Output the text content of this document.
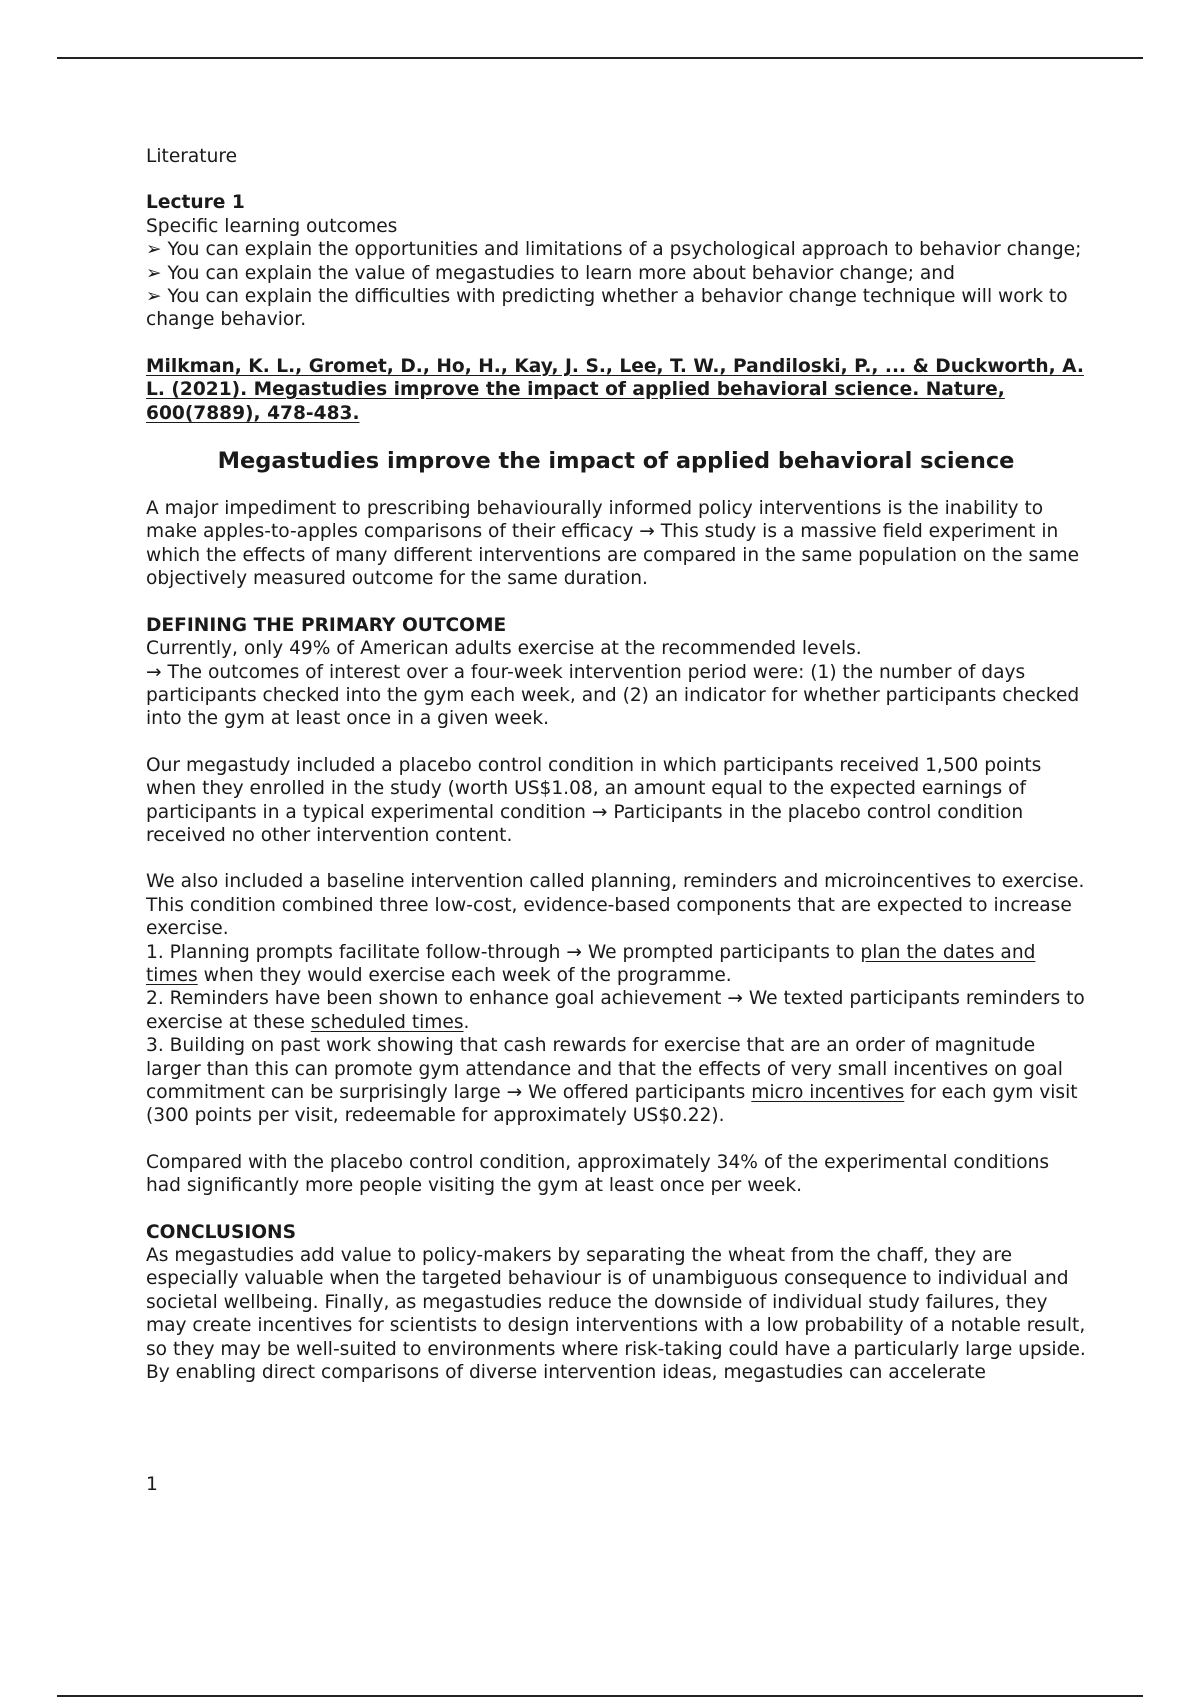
Literature

Lecture 1

Specific learning outcomes

➢ You can explain the opportunities and limitations of a psychological approach to behavior change;

➢ You can explain the value of megastudies to learn more about behavior change; and

➢ You can explain the difficulties with predicting whether a behavior change technique will work to change behavior.

Milkman, K. L., Gromet, D., Ho, H., Kay, J. S., Lee, T. W., Pandiloski, P., ... & Duckworth, A. L. (2021). Megastudies improve the impact of applied behavioral science. Nature, 600(7889), 478-483.

Megastudies improve the impact of applied behavioral science

A major impediment to prescribing behaviourally informed policy interventions is the inability to make apples-to-apples comparisons of their efficacy → This study is a massive field experiment in which the effects of many different interventions are compared in the same population on the same objectively measured outcome for the same duration.

DEFINING THE PRIMARY OUTCOME

Currently, only 49% of American adults exercise at the recommended levels.

→ The outcomes of interest over a four-week intervention period were: (1) the number of days participants checked into the gym each week, and (2) an indicator for whether participants checked into the gym at least once in a given week.

Our megastudy included a placebo control condition in which participants received 1,500 points when they enrolled in the study (worth US$1.08, an amount equal to the expected earnings of participants in a typical experimental condition → Participants in the placebo control condition received no other intervention content.

We also included a baseline intervention called planning, reminders and microincentives to exercise. This condition combined three low-cost, evidence-based components that are expected to increase exercise.

1. Planning prompts facilitate follow-through → We prompted participants to plan the dates and times when they would exercise each week of the programme.

2. Reminders have been shown to enhance goal achievement → We texted participants reminders to exercise at these scheduled times.

3. Building on past work showing that cash rewards for exercise that are an order of magnitude larger than this can promote gym attendance and that the effects of very small incentives on goal commitment can be surprisingly large → We offered participants micro incentives for each gym visit (300 points per visit, redeemable for approximately US$0.22).

Compared with the placebo control condition, approximately 34% of the experimental conditions had significantly more people visiting the gym at least once per week.

CONCLUSIONS

As megastudies add value to policy-makers by separating the wheat from the chaff, they are especially valuable when the targeted behaviour is of unambiguous consequence to individual and societal wellbeing. Finally, as megastudies reduce the downside of individual study failures, they may create incentives for scientists to design interventions with a low probability of a notable result, so they may be well-suited to environments where risk-taking could have a particularly large upside.

By enabling direct comparisons of diverse intervention ideas, megastudies can accelerate

1
